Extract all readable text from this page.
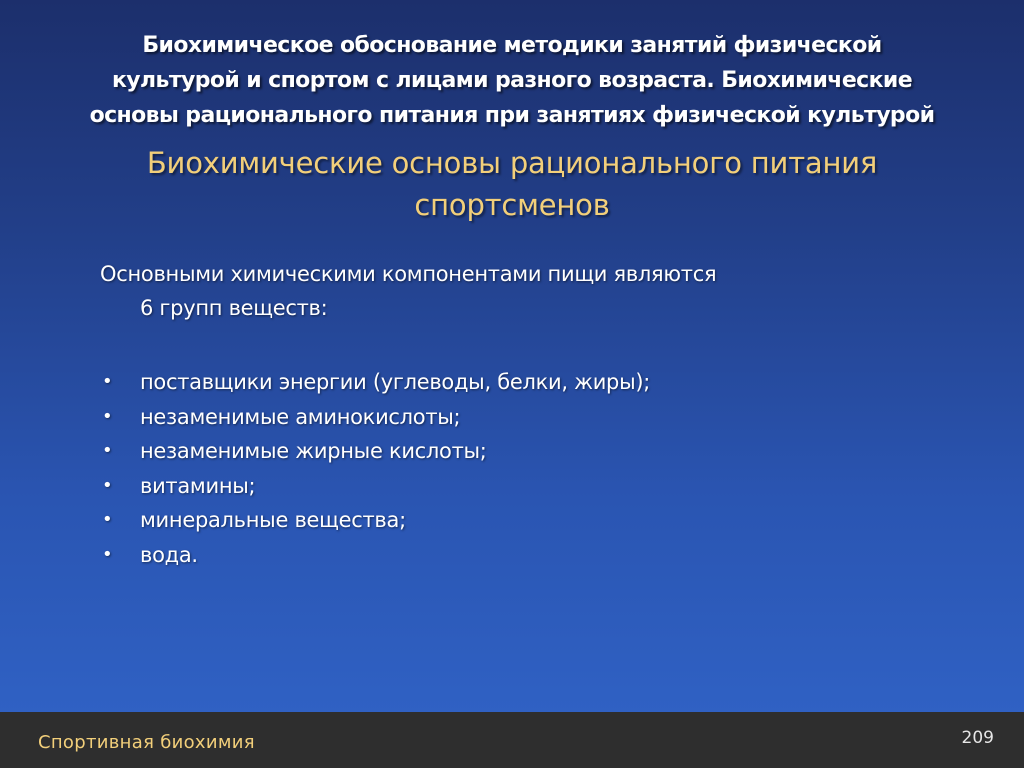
Биохимическое обоснование методики занятий физической
культурой и спортом с лицами разного возраста. Биохимические
основы рационального питания при занятиях физической культурой
Биохимические основы рационального питания
спортсменов
Основными химическими компонентами пищи являются
6 групп веществ:
• поставщики энергии (углеводы, белки, жиры);
• незаменимые аминокислоты;
• незаменимые жирные кислоты;
• витамины;
• минеральные вещества;
• вода.
Спортивная биохимия	209
